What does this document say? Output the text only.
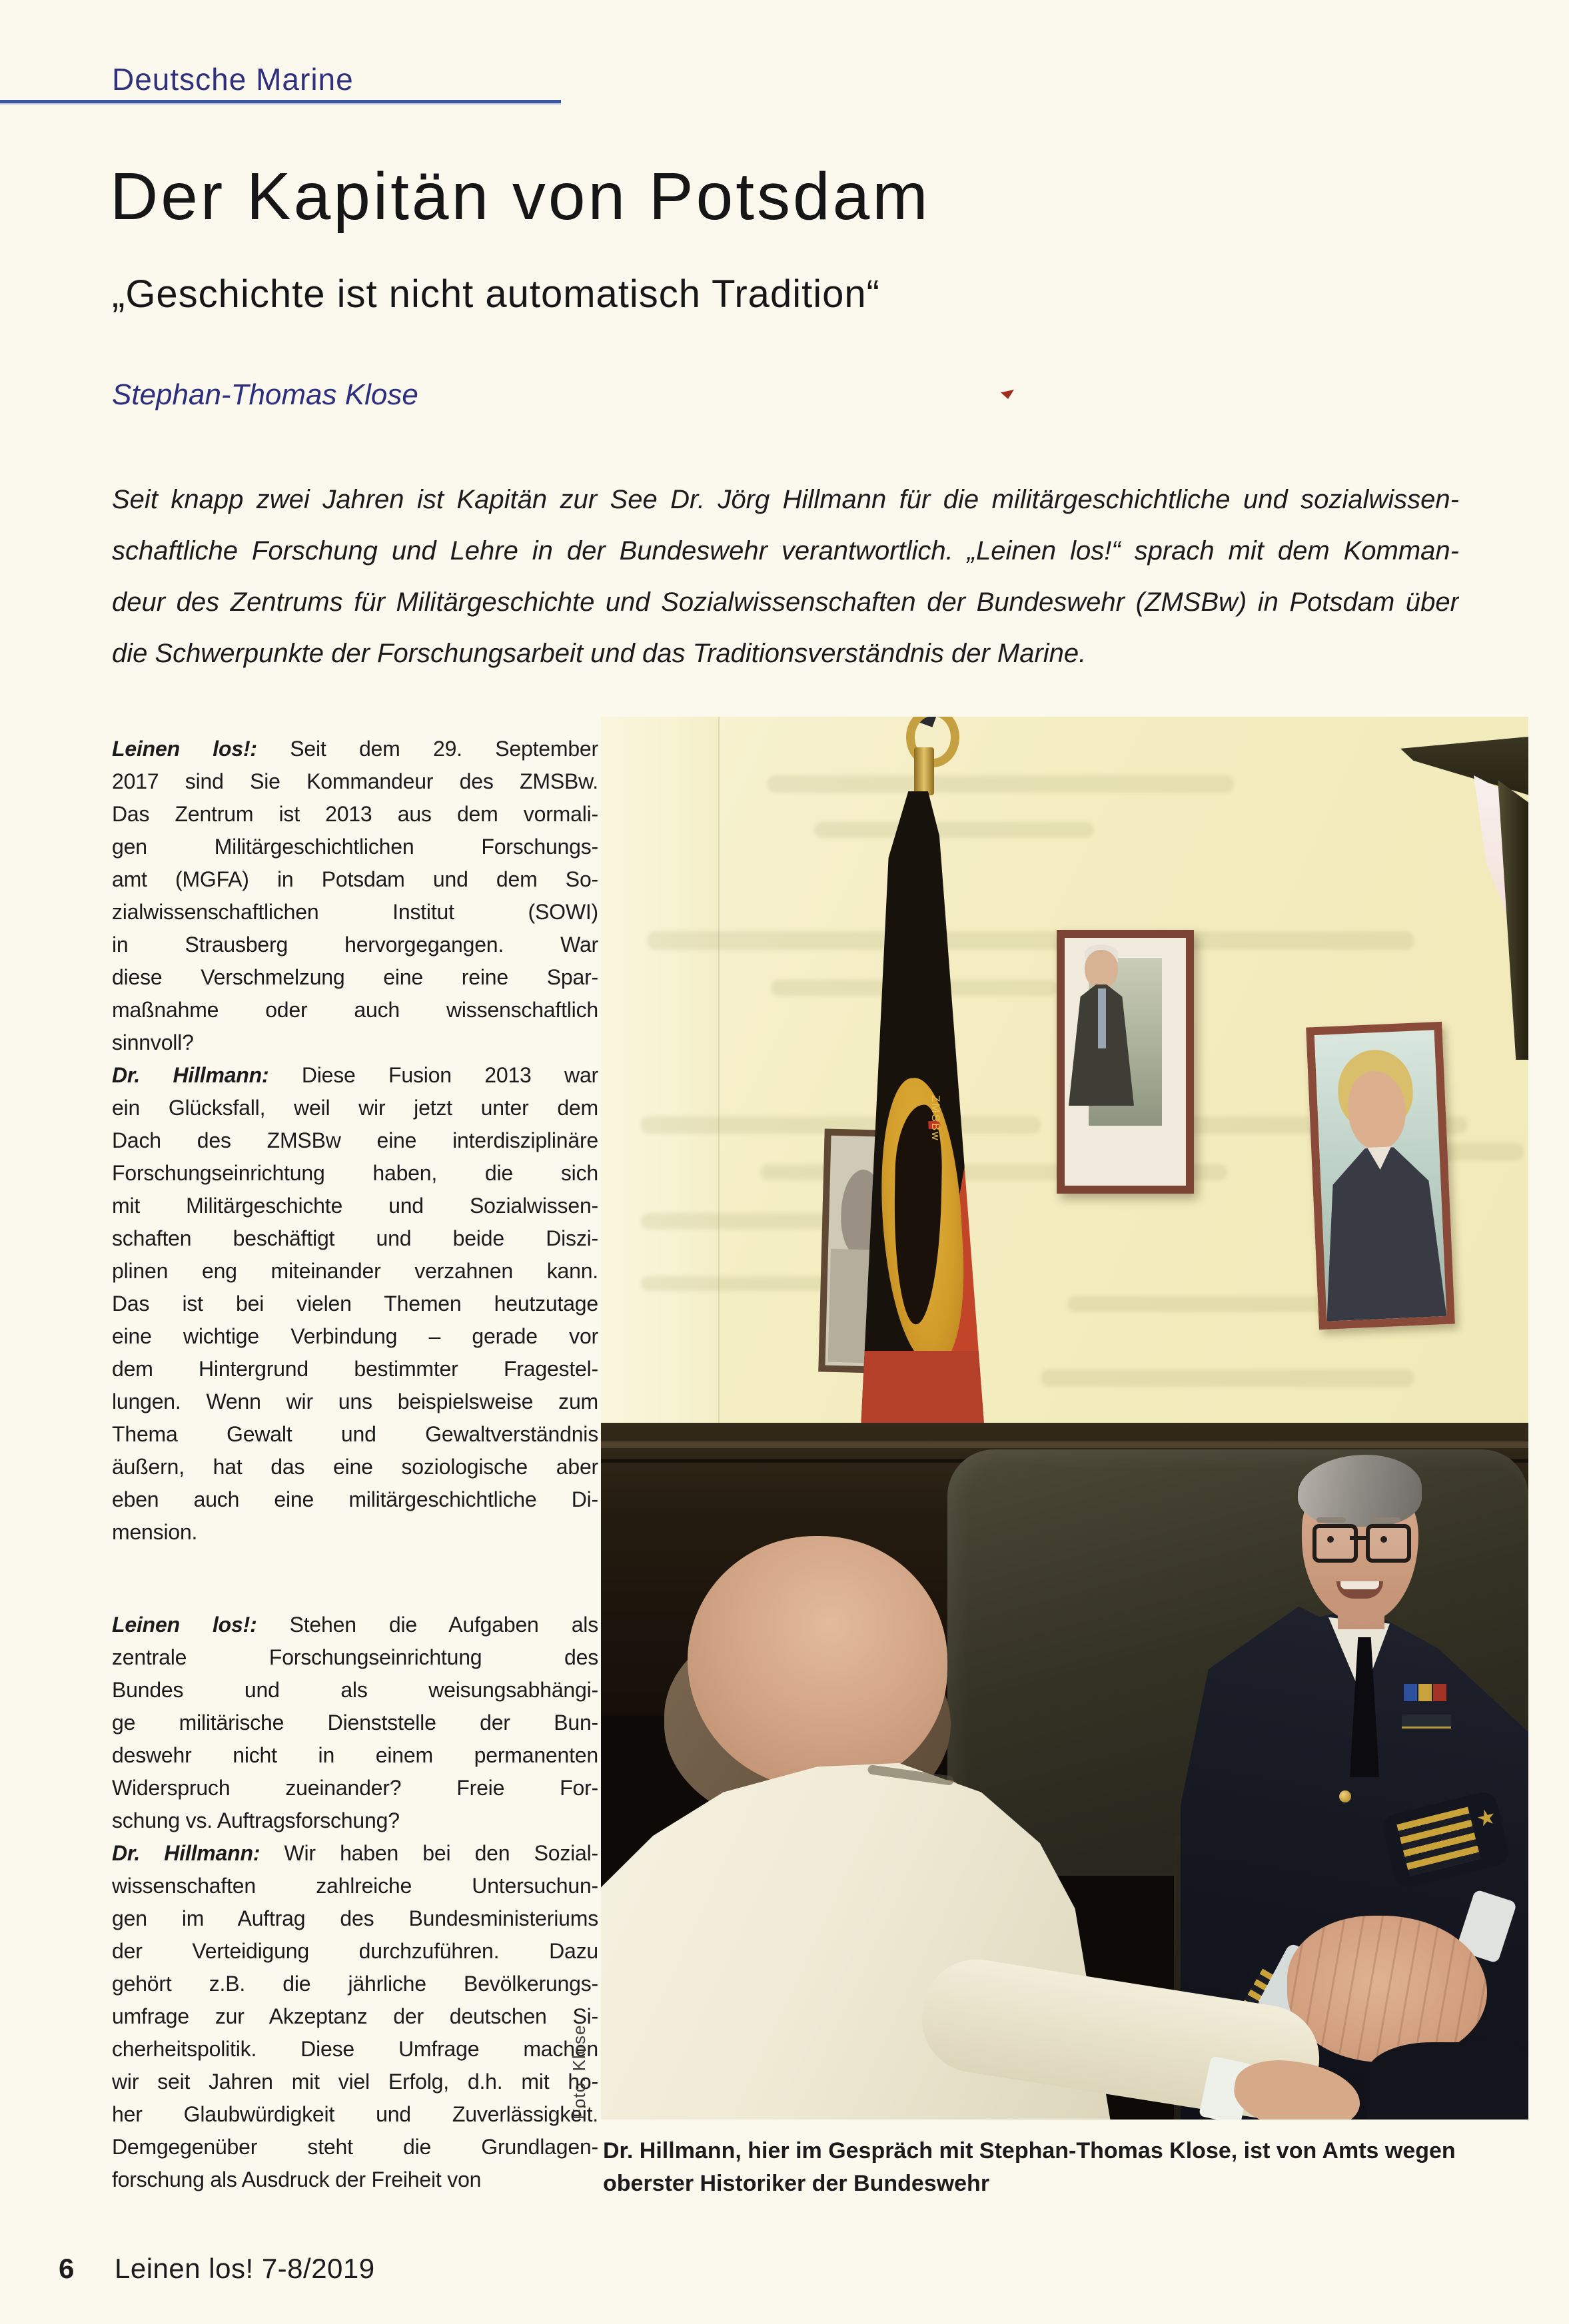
Deutsche Marine
Der Kapitän von Potsdam
„Geschichte ist nicht automatisch Tradition“
Stephan-Thomas Klose
Seit knapp zwei Jahren ist Kapitän zur See Dr. Jörg Hillmann für die militärgeschichtliche und sozialwissen-
schaftliche Forschung und Lehre in der Bundeswehr verantwortlich. „Leinen los!“ sprach mit dem Komman-
deur des Zentrums für Militärgeschichte und Sozialwissenschaften der Bundeswehr (ZMSBw) in Potsdam über
die Schwerpunkte der Forschungsarbeit und das Traditionsverständnis der Marine.
Leinen los!: Seit dem 29. September
2017 sind Sie Kommandeur des ZMSBw.
Das Zentrum ist 2013 aus dem vormali-
gen Militärgeschichtlichen Forschungs-
amt (MGFA) in Potsdam und dem So-
zialwissenschaftlichen Institut (SOWI)
in Strausberg hervorgegangen. War
diese Verschmelzung eine reine Spar-
maßnahme oder auch wissenschaftlich
sinnvoll?
Dr. Hillmann: Diese Fusion 2013 war
ein Glücksfall, weil wir jetzt unter dem
Dach des ZMSBw eine interdisziplinäre
Forschungseinrichtung haben, die sich
mit Militärgeschichte und Sozialwissen-
schaften beschäftigt und beide Diszi-
plinen eng miteinander verzahnen kann.
Das ist bei vielen Themen heutzutage
eine wichtige Verbindung – gerade vor
dem Hintergrund bestimmter Fragestel-
lungen. Wenn wir uns beispielsweise zum
Thema Gewalt und Gewaltverständnis
äußern, hat das eine soziologische aber
eben auch eine militärgeschichtliche Di-
mension.
Leinen los!: Stehen die Aufgaben als
zentrale Forschungseinrichtung des
Bundes und als weisungsabhängi-
ge militärische Dienststelle der Bun-
deswehr nicht in einem permanenten
Widerspruch zueinander? Freie For-
schung vs. Auftragsforschung?
Dr. Hillmann: Wir haben bei den Sozial-
wissenschaften zahlreiche Untersuchun-
gen im Auftrag des Bundesministeriums
der Verteidigung durchzuführen. Dazu
gehört z.B. die jährliche Bevölkerungs-
umfrage zur Akzeptanz der deutschen Si-
cherheitspolitik. Diese Umfrage machen
wir seit Jahren mit viel Erfolg, d.h. mit ho-
her Glaubwürdigkeit und Zuverlässigkeit.
Demgegenüber steht die Grundlagen-
forschung als Ausdruck der Freiheit von
ZMSBw
Foto: Klose
Dr. Hillmann, hier im Gespräch mit Stephan-Thomas Klose, ist von Amts wegen
oberster Historiker der Bundeswehr
6 Leinen los! 7-8/2019
